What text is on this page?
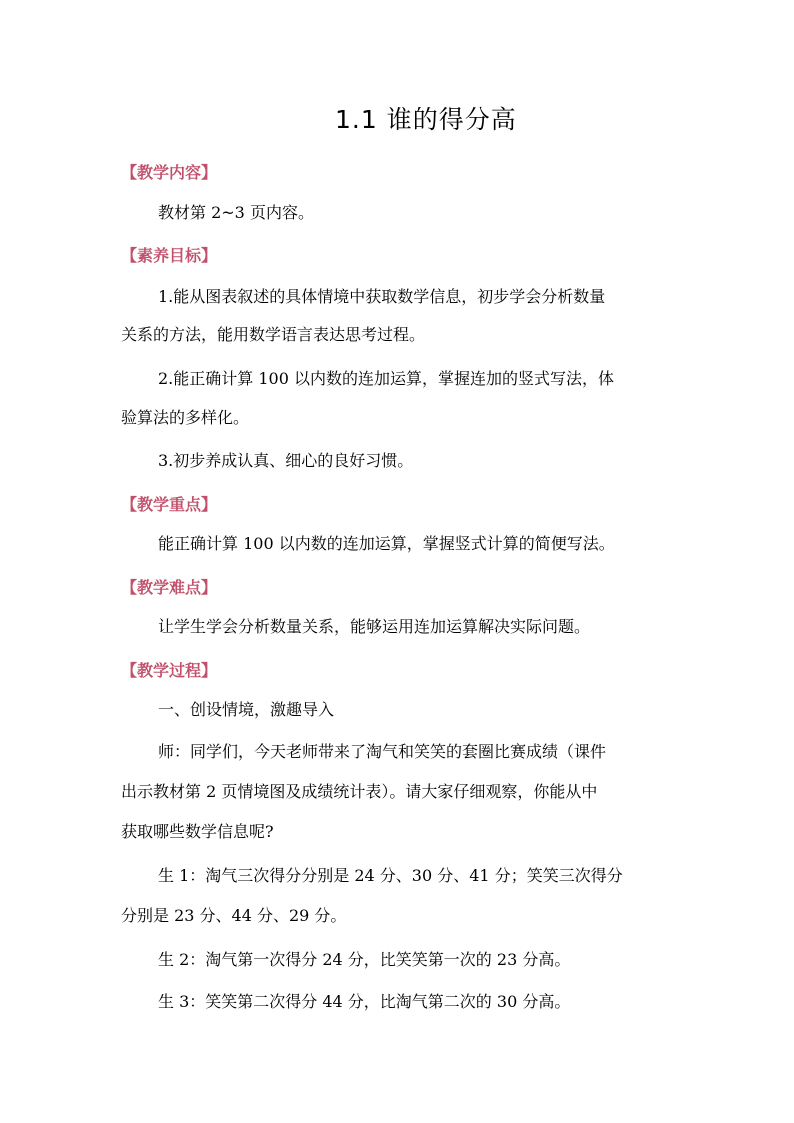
1.1 谁的得分高
【教学内容】
教材第 2~3 页内容。
【素养目标】
1.能从图表叙述的具体情境中获取数学信息，初步学会分析数量
关系的方法，能用数学语言表达思考过程。
2.能正确计算 100 以内数的连加运算，掌握连加的竖式写法，体
验算法的多样化。
3.初步养成认真、细心的良好习惯。
【教学重点】
能正确计算 100 以内数的连加运算，掌握竖式计算的简便写法。
【教学难点】
让学生学会分析数量关系，能够运用连加运算解决实际问题。
【教学过程】
一、创设情境，激趣导入
师：同学们，今天老师带来了淘气和笑笑的套圈比赛成绩（课件
出示教材第 2 页情境图及成绩统计表）。请大家仔细观察，你能从中
获取哪些数学信息呢?
生 1：淘气三次得分分别是 24 分、30 分、41 分；笑笑三次得分
分别是 23 分、44 分、29 分。
生 2：淘气第一次得分 24 分，比笑笑第一次的 23 分高。
生 3：笑笑第二次得分 44 分，比淘气第二次的 30 分高。
